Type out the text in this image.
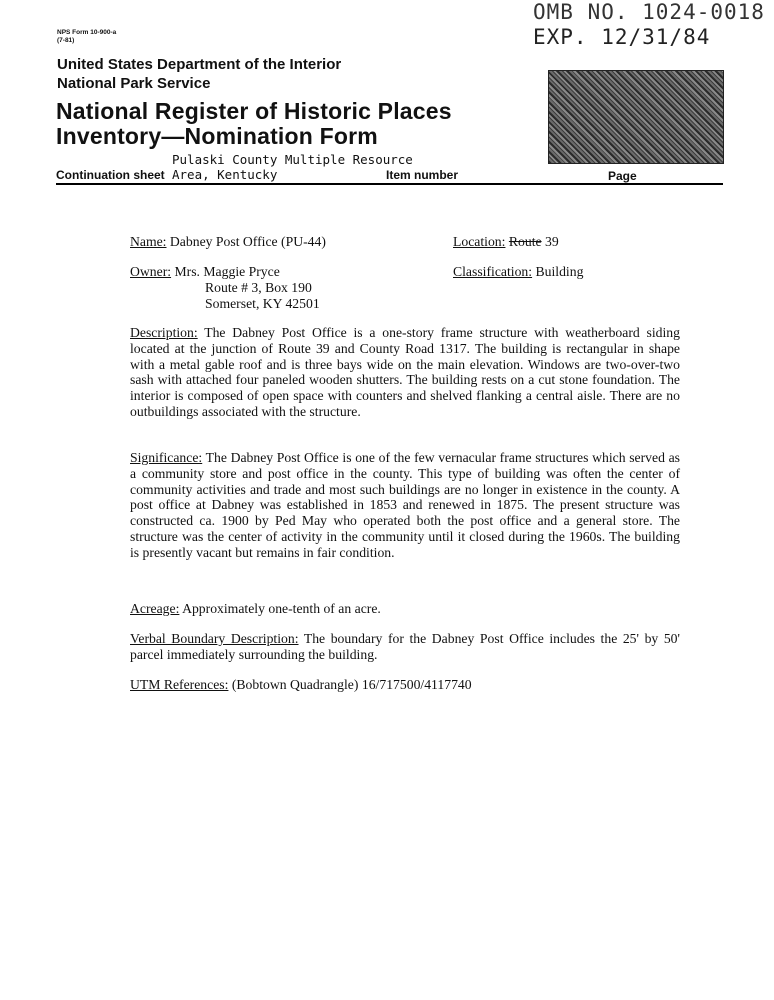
NPS Form 10-900-a
(7-81)
OMB NO. 1024-0018
EXP. 12/31/84
United States Department of the Interior
National Park Service
National Register of Historic Places
Inventory—Nomination Form
Pulaski County Multiple Resource
Area, Kentucky
Continuation sheet	Item number	Page
Name: Dabney Post Office (PU-44)
Owner: Mrs. Maggie Pryce
Route # 3, Box 190
Somerset, KY 42501
Location: Route 39
Classification: Building
Description: The Dabney Post Office is a one-story frame structure with weatherboard siding located at the junction of Route 39 and County Road 1317. The building is rectangular in shape with a metal gable roof and is three bays wide on the main elevation. Windows are two-over-two sash with attached four paneled wooden shutters. The building rests on a cut stone foundation. The interior is composed of open space with counters and shelved flanking a central aisle. There are no outbuildings associated with the structure.
Significance: The Dabney Post Office is one of the few vernacular frame structures which served as a community store and post office in the county. This type of building was often the center of community activities and trade and most such buildings are no longer in existence in the county. A post office at Dabney was established in 1853 and renewed in 1875. The present structure was constructed ca. 1900 by Ped May who operated both the post office and a general store. The structure was the center of activity in the community until it closed during the 1960s. The building is presently vacant but remains in fair condition.
Acreage: Approximately one-tenth of an acre.
Verbal Boundary Description: The boundary for the Dabney Post Office includes the 25' by 50' parcel immediately surrounding the building.
UTM References: (Bobtown Quadrangle) 16/717500/4117740
